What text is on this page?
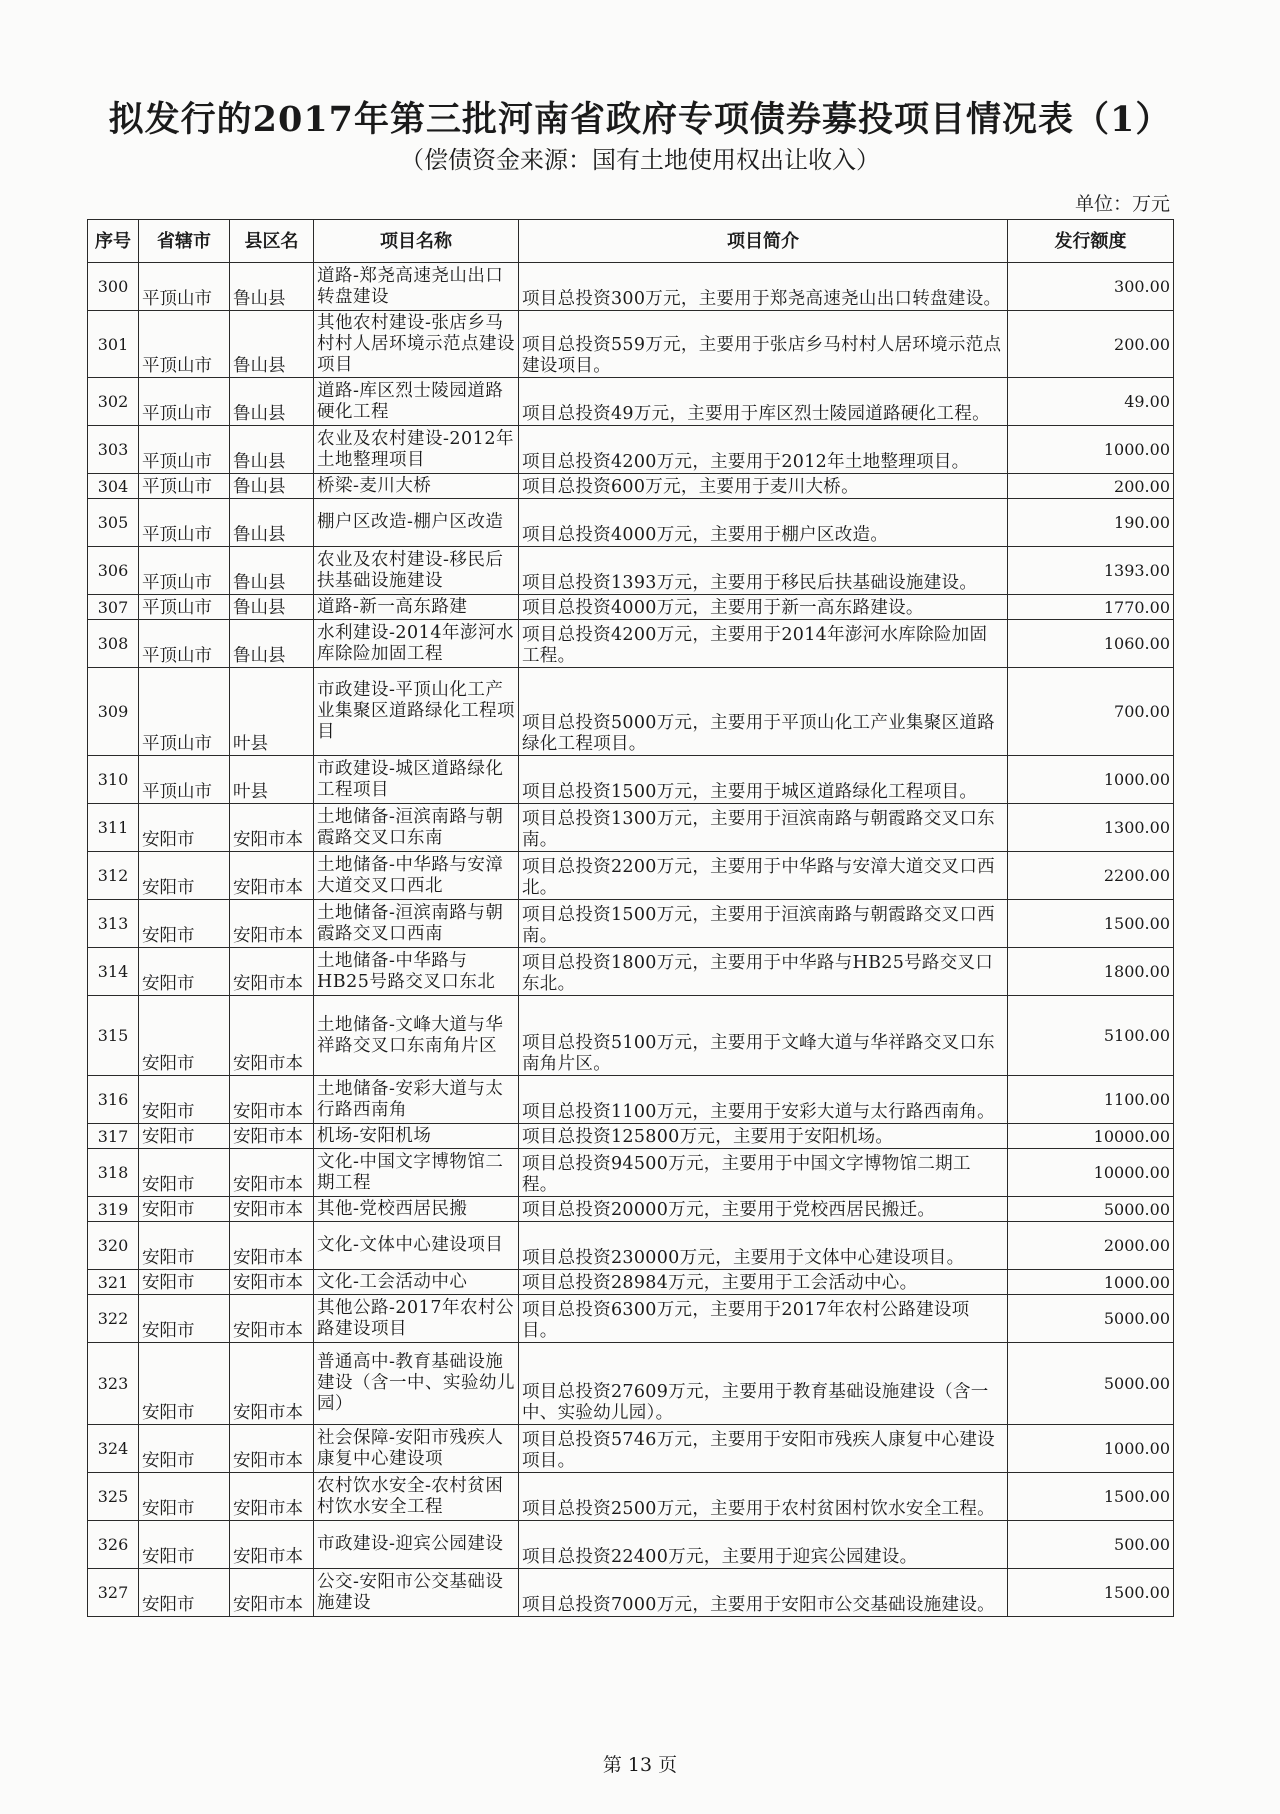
拟发行的2017年第三批河南省政府专项债券募投项目情况表（1）
（偿债资金来源：国有土地使用权出让收入）
单位：万元
序号	省辖市	县区名	项目名称	项目简介	发行额度
300	平顶山市	鲁山县	道路-郑尧高速尧山出口转盘建设	项目总投资300万元，主要用于郑尧高速尧山出口转盘建设。	300.00
301	平顶山市	鲁山县	其他农村建设-张店乡马村村人居环境示范点建设项目	项目总投资559万元，主要用于张店乡马村村人居环境示范点建设项目。	200.00
302	平顶山市	鲁山县	道路-库区烈士陵园道路硬化工程	项目总投资49万元，主要用于库区烈士陵园道路硬化工程。	49.00
303	平顶山市	鲁山县	农业及农村建设-2012年土地整理项目	项目总投资4200万元，主要用于2012年土地整理项目。	1000.00
304	平顶山市	鲁山县	桥梁-麦川大桥	项目总投资600万元，主要用于麦川大桥。	200.00
305	平顶山市	鲁山县	棚户区改造-棚户区改造	项目总投资4000万元，主要用于棚户区改造。	190.00
306	平顶山市	鲁山县	农业及农村建设-移民后扶基础设施建设	项目总投资1393万元，主要用于移民后扶基础设施建设。	1393.00
307	平顶山市	鲁山县	道路-新一高东路建	项目总投资4000万元，主要用于新一高东路建设。	1770.00
308	平顶山市	鲁山县	水利建设-2014年澎河水库除险加固工程	项目总投资4200万元，主要用于2014年澎河水库除险加固工程。	1060.00
309	平顶山市	叶县	市政建设-平顶山化工产业集聚区道路绿化工程项目	项目总投资5000万元，主要用于平顶山化工产业集聚区道路绿化工程项目。	700.00
310	平顶山市	叶县	市政建设-城区道路绿化工程项目	项目总投资1500万元，主要用于城区道路绿化工程项目。	1000.00
311	安阳市	安阳市本	土地储备-洹滨南路与朝霞路交叉口东南	项目总投资1300万元，主要用于洹滨南路与朝霞路交叉口东南。	1300.00
312	安阳市	安阳市本	土地储备-中华路与安漳大道交叉口西北	项目总投资2200万元，主要用于中华路与安漳大道交叉口西北。	2200.00
313	安阳市	安阳市本	土地储备-洹滨南路与朝霞路交叉口西南	项目总投资1500万元，主要用于洹滨南路与朝霞路交叉口西南。	1500.00
314	安阳市	安阳市本	土地储备-中华路与HB25号路交叉口东北	项目总投资1800万元，主要用于中华路与HB25号路交叉口东北。	1800.00
315	安阳市	安阳市本	土地储备-文峰大道与华祥路交叉口东南角片区	项目总投资5100万元，主要用于文峰大道与华祥路交叉口东南角片区。	5100.00
316	安阳市	安阳市本	土地储备-安彩大道与太行路西南角	项目总投资1100万元，主要用于安彩大道与太行路西南角。	1100.00
317	安阳市	安阳市本	机场-安阳机场	项目总投资125800万元，主要用于安阳机场。	10000.00
318	安阳市	安阳市本	文化-中国文字博物馆二期工程	项目总投资94500万元，主要用于中国文字博物馆二期工程。	10000.00
319	安阳市	安阳市本	其他-党校西居民搬	项目总投资20000万元，主要用于党校西居民搬迁。	5000.00
320	安阳市	安阳市本	文化-文体中心建设项目	项目总投资230000万元，主要用于文体中心建设项目。	2000.00
321	安阳市	安阳市本	文化-工会活动中心	项目总投资28984万元，主要用于工会活动中心。	1000.00
322	安阳市	安阳市本	其他公路-2017年农村公路建设项目	项目总投资6300万元，主要用于2017年农村公路建设项目。	5000.00
323	安阳市	安阳市本	普通高中-教育基础设施建设（含一中、实验幼儿园）	项目总投资27609万元，主要用于教育基础设施建设（含一中、实验幼儿园）。	5000.00
324	安阳市	安阳市本	社会保障-安阳市残疾人康复中心建设项	项目总投资5746万元，主要用于安阳市残疾人康复中心建设项目。	1000.00
325	安阳市	安阳市本	农村饮水安全-农村贫困村饮水安全工程	项目总投资2500万元，主要用于农村贫困村饮水安全工程。	1500.00
326	安阳市	安阳市本	市政建设-迎宾公园建设	项目总投资22400万元，主要用于迎宾公园建设。	500.00
327	安阳市	安阳市本	公交-安阳市公交基础设施建设	项目总投资7000万元，主要用于安阳市公交基础设施建设。	1500.00
第 13 页
